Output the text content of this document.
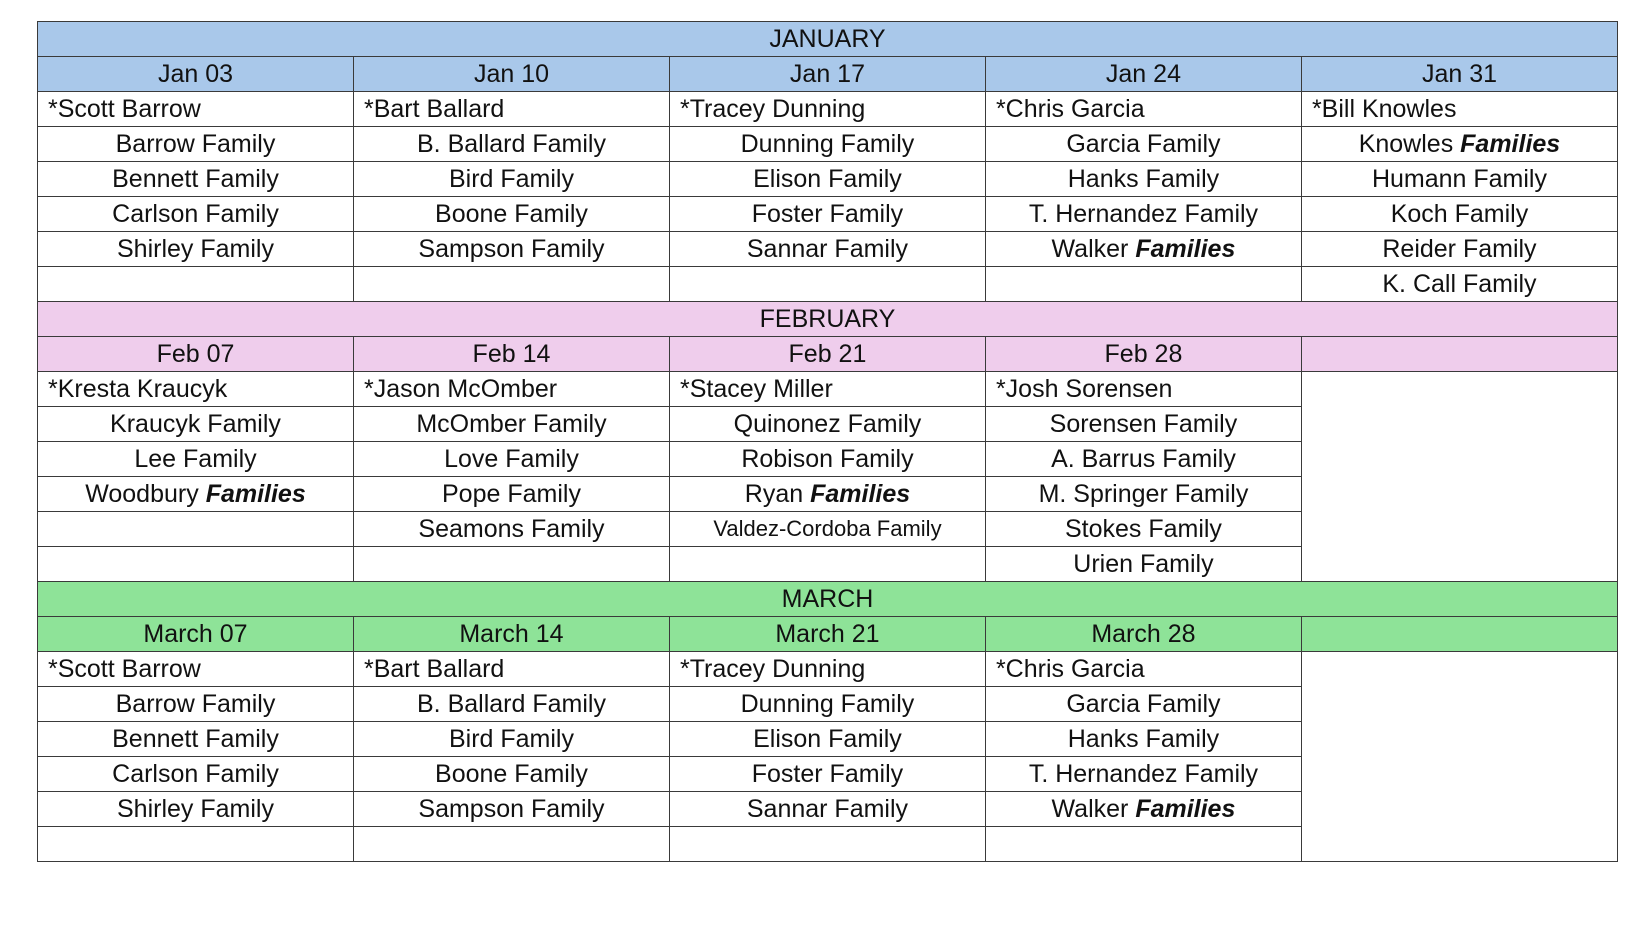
JANUARY				
Jan 03	Jan 10	Jan 17	Jan 24	Jan 31
*Scott Barrow	*Bart Ballard	*Tracey Dunning	*Chris Garcia	*Bill Knowles
Barrow Family	B. Ballard Family	Dunning Family	Garcia Family	Knowles Families
Bennett Family	Bird Family	Elison Family	Hanks Family	Humann Family
Carlson Family	Boone Family	Foster Family	T. Hernandez Family	Koch Family
Shirley Family	Sampson Family	Sannar Family	Walker Families	Reider Family
				K. Call Family
FEBRUARY				
Feb 07	Feb 14	Feb 21	Feb 28	
*Kresta Kraucyk	*Jason McOmber	*Stacey Miller	*Josh Sorensen	
Kraucyk Family	McOmber Family	Quinonez Family	Sorensen Family	
Lee Family	Love Family	Robison Family	A. Barrus Family	
Woodbury Families	Pope Family	Ryan Families	M. Springer Family	
	Seamons Family	Valdez-Cordoba Family	Stokes Family	
			Urien Family	
MARCH				
March 07	March 14	March 21	March 28	
*Scott Barrow	*Bart Ballard	*Tracey Dunning	*Chris Garcia	
Barrow Family	B. Ballard Family	Dunning Family	Garcia Family	
Bennett Family	Bird Family	Elison Family	Hanks Family	
Carlson Family	Boone Family	Foster Family	T. Hernandez Family	
Shirley Family	Sampson Family	Sannar Family	Walker Families	
